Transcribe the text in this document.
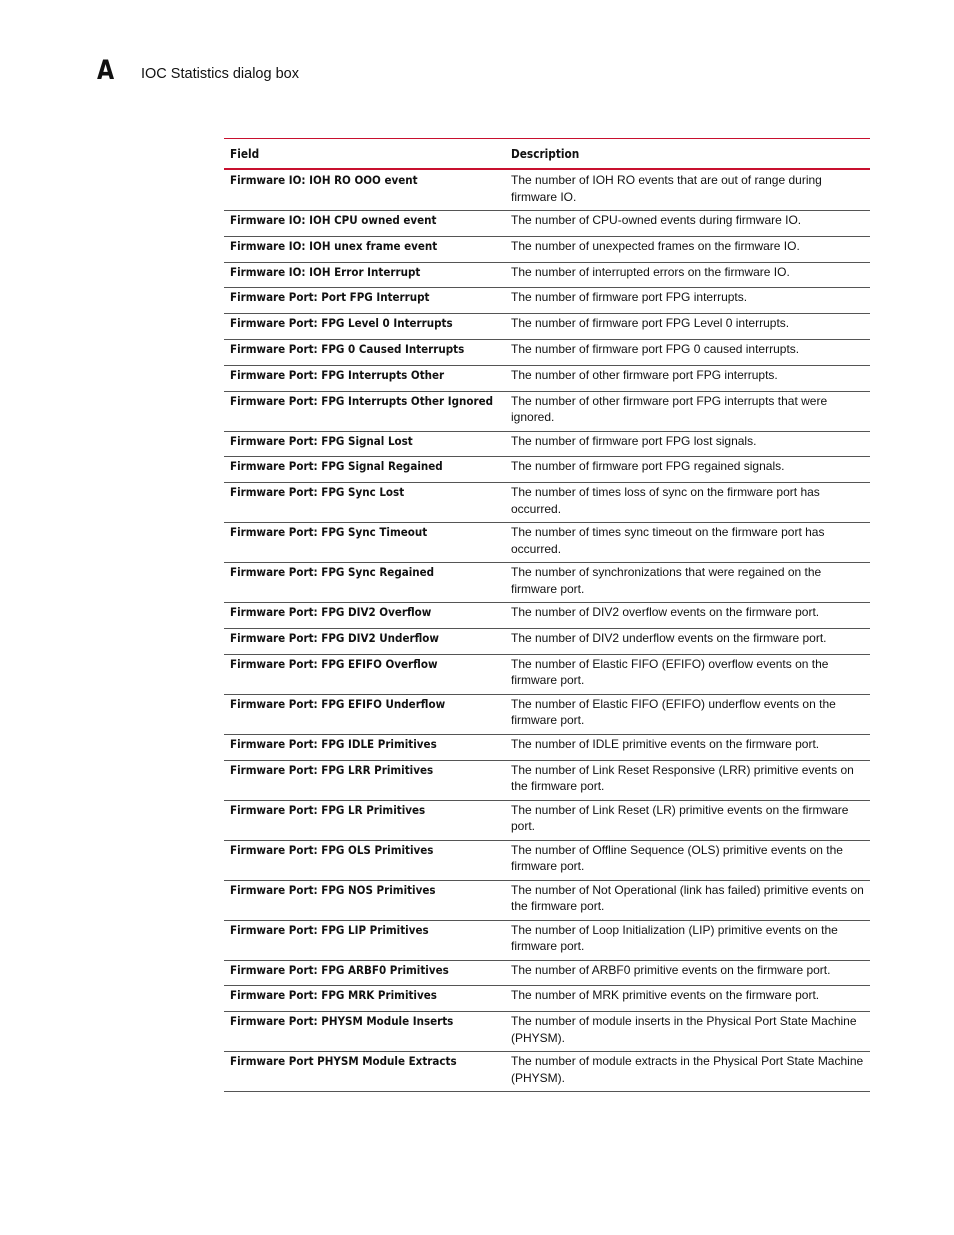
A IOC Statistics dialog box
Field	Description
Firmware IO: IOH RO OOO event	The number of IOH RO events that are out of range during firmware IO.
Firmware IO: IOH CPU owned event	The number of CPU-owned events during firmware IO.
Firmware IO: IOH unex frame event	The number of unexpected frames on the firmware IO.
Firmware IO: IOH Error Interrupt	The number of interrupted errors on the firmware IO.
Firmware Port: Port FPG Interrupt	The number of firmware port FPG interrupts.
Firmware Port: FPG Level 0 Interrupts	The number of firmware port FPG Level 0 interrupts.
Firmware Port: FPG 0 Caused Interrupts	The number of firmware port FPG 0 caused interrupts.
Firmware Port: FPG Interrupts Other	The number of other firmware port FPG interrupts.
Firmware Port: FPG Interrupts Other Ignored	The number of other firmware port FPG interrupts that were ignored.
Firmware Port: FPG Signal Lost	The number of firmware port FPG lost signals.
Firmware Port: FPG Signal Regained	The number of firmware port FPG regained signals.
Firmware Port: FPG Sync Lost	The number of times loss of sync on the firmware port has occurred.
Firmware Port: FPG Sync Timeout	The number of times sync timeout on the firmware port has occurred.
Firmware Port: FPG Sync Regained	The number of synchronizations that were regained on the firmware port.
Firmware Port: FPG DIV2 Overflow	The number of DIV2 overflow events on the firmware port.
Firmware Port: FPG DIV2 Underflow	The number of DIV2 underflow events on the firmware port.
Firmware Port: FPG EFIFO Overflow	The number of Elastic FIFO (EFIFO) overflow events on the firmware port.
Firmware Port: FPG EFIFO Underflow	The number of Elastic FIFO (EFIFO) underflow events on the firmware port.
Firmware Port: FPG IDLE Primitives	The number of IDLE primitive events on the firmware port.
Firmware Port: FPG LRR Primitives	The number of Link Reset Responsive (LRR) primitive events on the firmware port.
Firmware Port: FPG LR Primitives	The number of Link Reset (LR) primitive events on the firmware port.
Firmware Port: FPG OLS Primitives	The number of Offline Sequence (OLS) primitive events on the firmware port.
Firmware Port: FPG NOS Primitives	The number of Not Operational (link has failed) primitive events on the firmware port.
Firmware Port: FPG LIP Primitives	The number of Loop Initialization (LIP) primitive events on the firmware port.
Firmware Port: FPG ARBF0 Primitives	The number of ARBF0 primitive events on the firmware port.
Firmware Port: FPG MRK Primitives	The number of MRK primitive events on the firmware port.
Firmware Port: PHYSM Module Inserts	The number of module inserts in the Physical Port State Machine (PHYSM).
Firmware Port PHYSM Module Extracts	The number of module extracts in the Physical Port State Machine (PHYSM).
